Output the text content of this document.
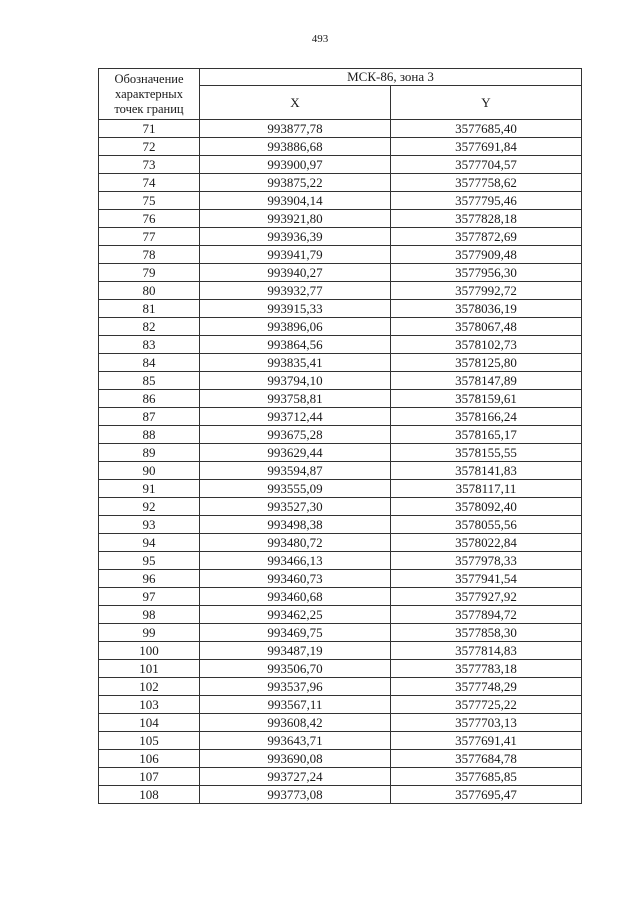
493
Обозначение характерных точек границ	МСК-86, зона 3	
	X	Y
71	993877,78	3577685,40
72	993886,68	3577691,84
73	993900,97	3577704,57
74	993875,22	3577758,62
75	993904,14	3577795,46
76	993921,80	3577828,18
77	993936,39	3577872,69
78	993941,79	3577909,48
79	993940,27	3577956,30
80	993932,77	3577992,72
81	993915,33	3578036,19
82	993896,06	3578067,48
83	993864,56	3578102,73
84	993835,41	3578125,80
85	993794,10	3578147,89
86	993758,81	3578159,61
87	993712,44	3578166,24
88	993675,28	3578165,17
89	993629,44	3578155,55
90	993594,87	3578141,83
91	993555,09	3578117,11
92	993527,30	3578092,40
93	993498,38	3578055,56
94	993480,72	3578022,84
95	993466,13	3577978,33
96	993460,73	3577941,54
97	993460,68	3577927,92
98	993462,25	3577894,72
99	993469,75	3577858,30
100	993487,19	3577814,83
101	993506,70	3577783,18
102	993537,96	3577748,29
103	993567,11	3577725,22
104	993608,42	3577703,13
105	993643,71	3577691,41
106	993690,08	3577684,78
107	993727,24	3577685,85
108	993773,08	3577695,47
